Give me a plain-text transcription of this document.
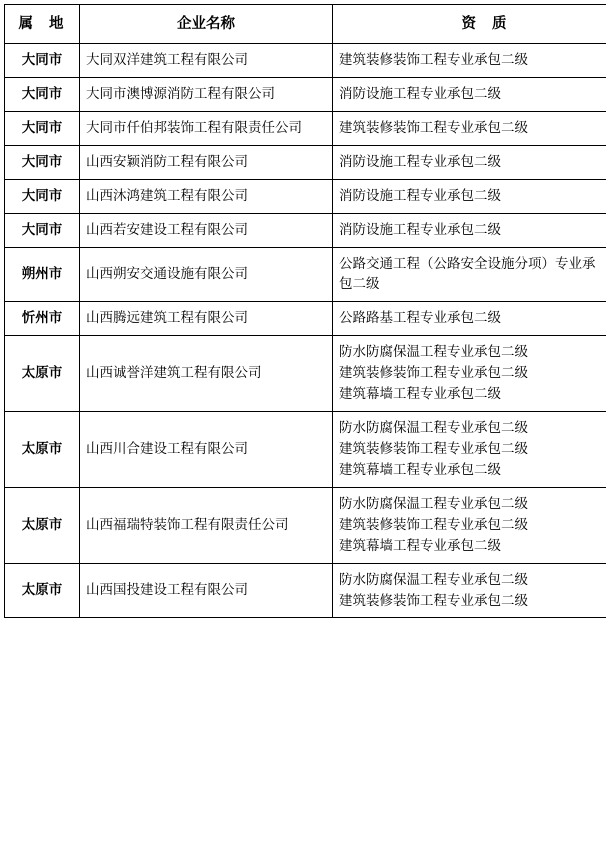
属 地	企业名称	资 质
大同市	大同双洋建筑工程有限公司	建筑装修装饰工程专业承包二级

大同市	大同市澳博源消防工程有限公司	消防设施工程专业承包二级

大同市	大同市仟伯邦装饰工程有限责任公司	建筑装修装饰工程专业承包二级

大同市	山西安颖消防工程有限公司	消防设施工程专业承包二级

大同市	山西沐鸿建筑工程有限公司	消防设施工程专业承包二级

大同市	山西若安建设工程有限公司	消防设施工程专业承包二级

朔州市	山西朔安交通设施有限公司	公路交通工程（公路安全设施分项）专业承
包二级

忻州市	山西腾远建筑工程有限公司	公路路基工程专业承包二级

太原市	山西诚誉洋建筑工程有限公司	防水防腐保温工程专业承包二级
建筑装修装饰工程专业承包二级
建筑幕墙工程专业承包二级

太原市	山西川合建设工程有限公司	防水防腐保温工程专业承包二级
建筑装修装饰工程专业承包二级
建筑幕墙工程专业承包二级

太原市	山西福瑞特装饰工程有限责任公司	防水防腐保温工程专业承包二级
建筑装修装饰工程专业承包二级
建筑幕墙工程专业承包二级

太原市	山西国投建设工程有限公司	防水防腐保温工程专业承包二级
建筑装修装饰工程专业承包二级
